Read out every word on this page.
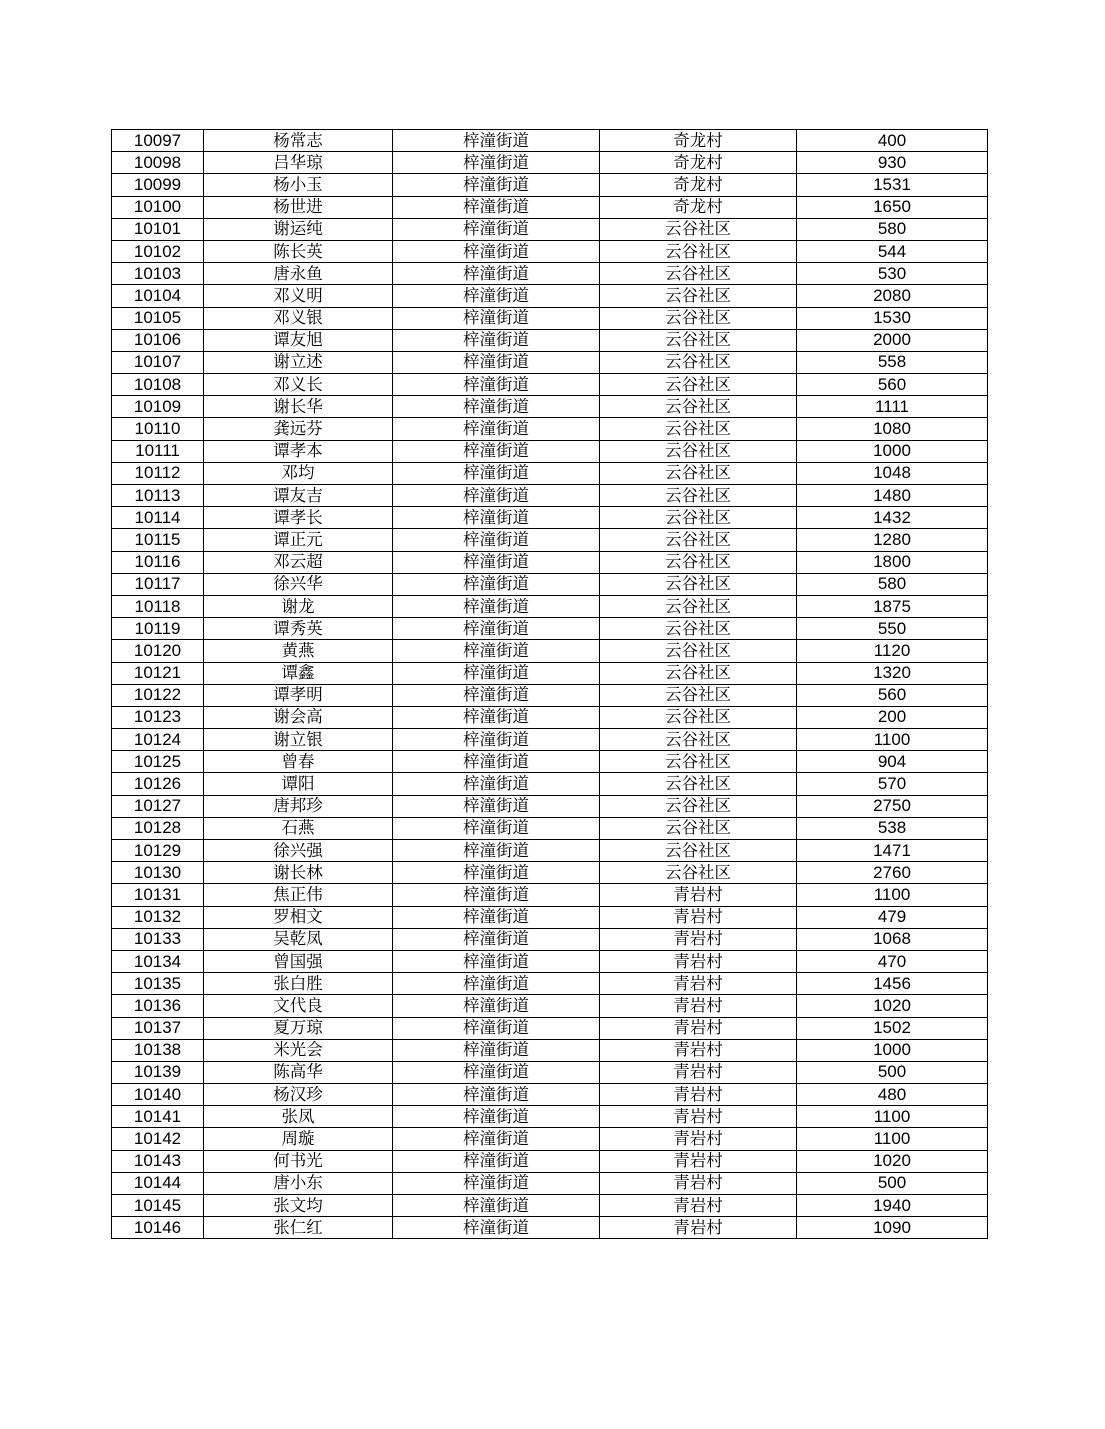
10097	杨常志	梓潼街道	奇龙村	400
10098	吕华琼	梓潼街道	奇龙村	930
10099	杨小玉	梓潼街道	奇龙村	1531
10100	杨世进	梓潼街道	奇龙村	1650
10101	谢运纯	梓潼街道	云谷社区	580
10102	陈长英	梓潼街道	云谷社区	544
10103	唐永鱼	梓潼街道	云谷社区	530
10104	邓义明	梓潼街道	云谷社区	2080
10105	邓义银	梓潼街道	云谷社区	1530
10106	谭友旭	梓潼街道	云谷社区	2000
10107	谢立述	梓潼街道	云谷社区	558
10108	邓义长	梓潼街道	云谷社区	560
10109	谢长华	梓潼街道	云谷社区	1111
10110	龚远芬	梓潼街道	云谷社区	1080
10111	谭孝本	梓潼街道	云谷社区	1000
10112	邓均	梓潼街道	云谷社区	1048
10113	谭友吉	梓潼街道	云谷社区	1480
10114	谭孝长	梓潼街道	云谷社区	1432
10115	谭正元	梓潼街道	云谷社区	1280
10116	邓云超	梓潼街道	云谷社区	1800
10117	徐兴华	梓潼街道	云谷社区	580
10118	谢龙	梓潼街道	云谷社区	1875
10119	谭秀英	梓潼街道	云谷社区	550
10120	黄燕	梓潼街道	云谷社区	1120
10121	谭鑫	梓潼街道	云谷社区	1320
10122	谭孝明	梓潼街道	云谷社区	560
10123	谢会高	梓潼街道	云谷社区	200
10124	谢立银	梓潼街道	云谷社区	1100
10125	曾春	梓潼街道	云谷社区	904
10126	谭阳	梓潼街道	云谷社区	570
10127	唐邦珍	梓潼街道	云谷社区	2750
10128	石燕	梓潼街道	云谷社区	538
10129	徐兴强	梓潼街道	云谷社区	1471
10130	谢长林	梓潼街道	云谷社区	2760
10131	焦正伟	梓潼街道	青岩村	1100
10132	罗相文	梓潼街道	青岩村	479
10133	吴乾凤	梓潼街道	青岩村	1068
10134	曾国强	梓潼街道	青岩村	470
10135	张白胜	梓潼街道	青岩村	1456
10136	文代良	梓潼街道	青岩村	1020
10137	夏万琼	梓潼街道	青岩村	1502
10138	米光会	梓潼街道	青岩村	1000
10139	陈高华	梓潼街道	青岩村	500
10140	杨汉珍	梓潼街道	青岩村	480
10141	张凤	梓潼街道	青岩村	1100
10142	周璇	梓潼街道	青岩村	1100
10143	何书光	梓潼街道	青岩村	1020
10144	唐小东	梓潼街道	青岩村	500
10145	张文均	梓潼街道	青岩村	1940
10146	张仁红	梓潼街道	青岩村	1090
